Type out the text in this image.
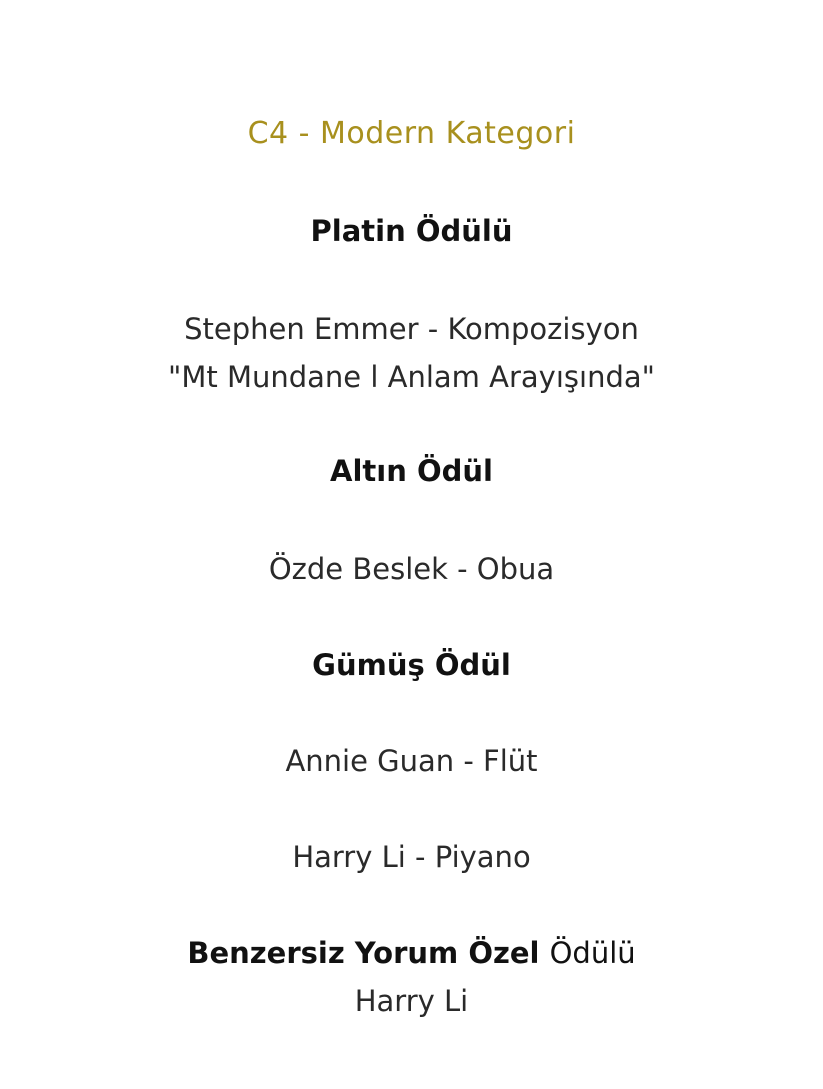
C4 - Modern Kategori
Platin Ödülü
Stephen Emmer - Kompozisyon
"Mt Mundane l Anlam Arayışında"
Altın Ödül
Özde Beslek - Obua
Gümüş Ödül
Annie Guan - Flüt
Harry Li - Piyano
Benzersiz Yorum Özel Ödülü
Harry Li
